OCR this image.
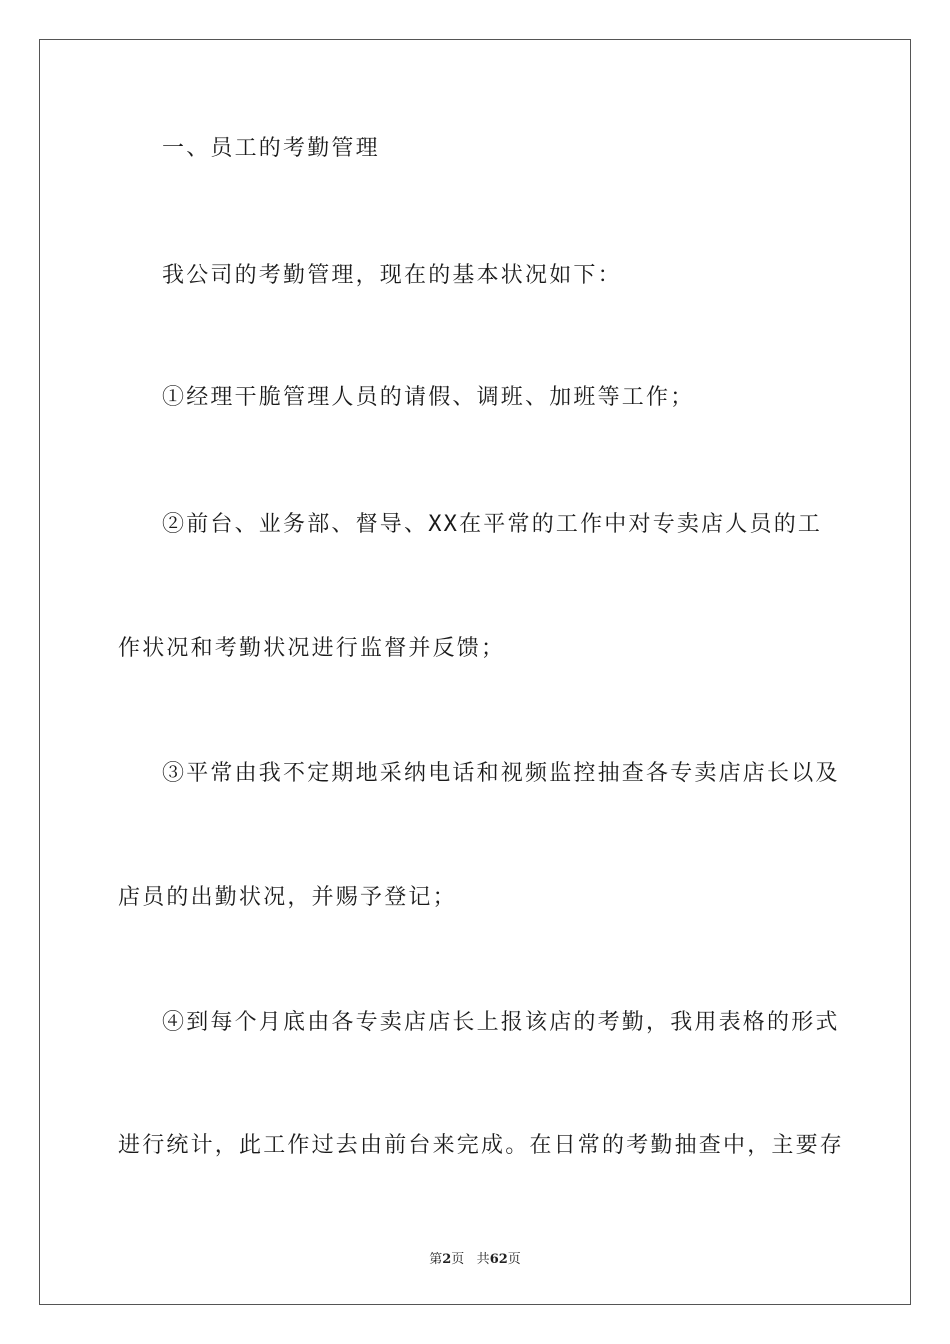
一、员工的考勤管理
我公司的考勤管理，现在的基本状况如下：
①经理干脆管理人员的请假、调班、加班等工作；
②前台、业务部、督导、XX在平常的工作中对专卖店人员的工
作状况和考勤状况进行监督并反馈；
③平常由我不定期地采纳电话和视频监控抽查各专卖店店长以及
店员的出勤状况，并赐予登记；
④到每个月底由各专卖店店长上报该店的考勤，我用表格的形式
进行统计，此工作过去由前台来完成。在日常的考勤抽查中，主要存
第2页 共62页
